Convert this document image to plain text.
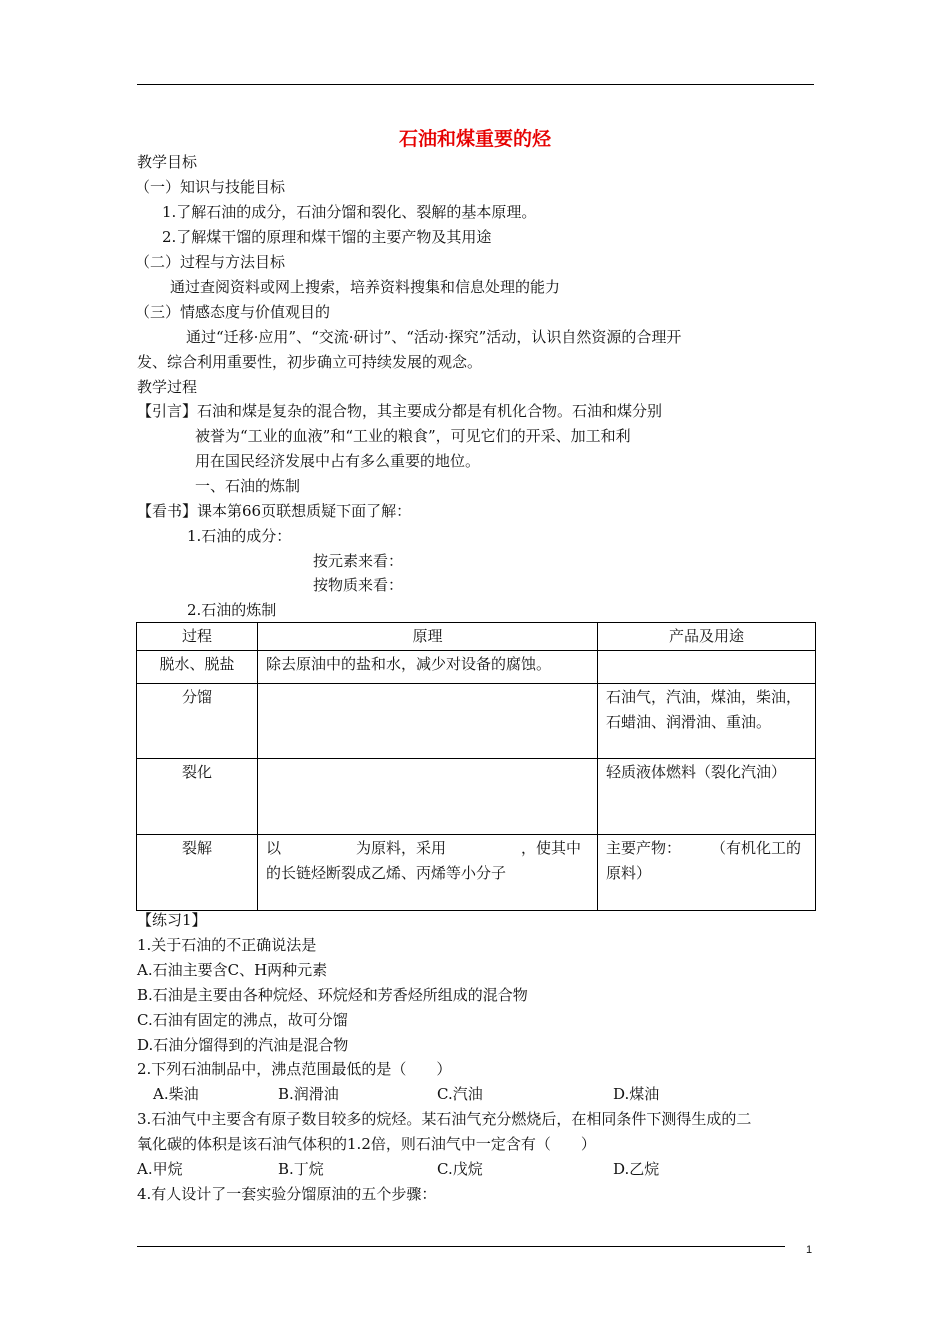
石油和煤重要的烃
教学目标
（一）知识与技能目标
1.了解石油的成分，石油分馏和裂化、裂解的基本原理。
2.了解煤干馏的原理和煤干馏的主要产物及其用途
（二）过程与方法目标
通过查阅资料或网上搜索，培养资料搜集和信息处理的能力
（三）情感态度与价值观目的
通过“迁移·应用”、“交流·研讨”、“活动·探究”活动，认识自然资源的合理开
发、综合利用重要性，初步确立可持续发展的观念。
教学过程
【引言】石油和煤是复杂的混合物，其主要成分都是有机化合物。石油和煤分别
被誉为“工业的血液”和“工业的粮食”，可见它们的开采、加工和利
用在国民经济发展中占有多么重要的地位。
一、石油的炼制
【看书】课本第66页联想质疑下面了解：
1.石油的成分：
按元素来看：
按物质来看：
2.石油的炼制
过程	原理	产品及用途
脱水、脱盐	除去原油中的盐和水，减少对设备的腐蚀。	
分馏		石油气，汽油，煤油，柴油，石蜡油、润滑油、重油。
裂化		轻质液体燃料（裂化汽油）
裂解	以　　　　　为原料，采用　　　　　，使其中的长链烃断裂成乙烯、丙烯等小分子	主要产物：　　　（有机化工的原料）
【练习1】
1.关于石油的不正确说法是
A.石油主要含C、H两种元素
B.石油是主要由各种烷烃、环烷烃和芳香烃所组成的混合物
C.石油有固定的沸点，故可分馏
D.石油分馏得到的汽油是混合物
2.下列石油制品中，沸点范围最低的是（　　）
A.柴油	B.润滑油	C.汽油	D.煤油
3.石油气中主要含有原子数目较多的烷烃。某石油气充分燃烧后，在相同条件下测得生成的二
氧化碳的体积是该石油气体积的1.2倍，则石油气中一定含有（　　）
A.甲烷	B.丁烷	C.戊烷	D.乙烷
4.有人设计了一套实验分馏原油的五个步骤：
1
